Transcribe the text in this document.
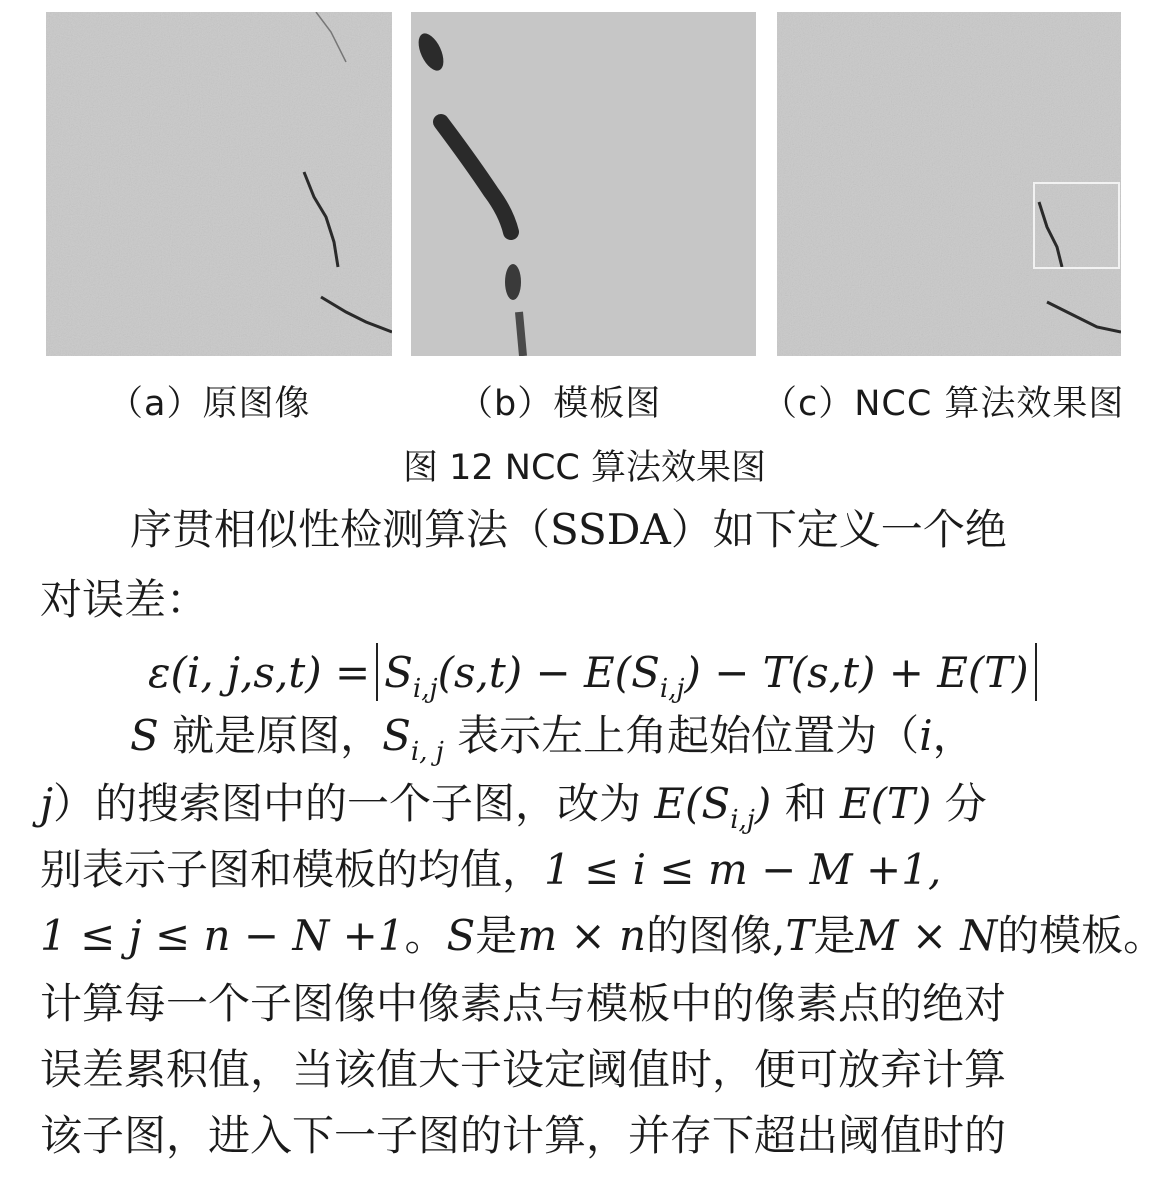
（a）原图像	（b）模板图	（c）NCC 算法效果图
图 12 NCC 算法效果图
序贯相似性检测算法（SSDA）如下定义一个绝
对误差：
ε(i, $j,s,t) = S_{i,j}(s,t) - E(S_{i,j}) - T(s,t) + E(T)$
S 就是原图，$S_{i, j}$ 表示左上角起始位置为（i，
j）的搜索图中的一个子图，改为 $E(S_{i,j})$ 和 E(T) 分
别表示子图和模板的均值，1 ≤ i ≤ m − M +1,
1 ≤ j ≤ n − N +1。S是m × n的图像,T是M × N的模板。
计算每一个子图像中像素点与模板中的像素点的绝对
误差累积值，当该值大于设定阈值时，便可放弃计算
该子图，进入下一子图的计算，并存下超出阈值时的
